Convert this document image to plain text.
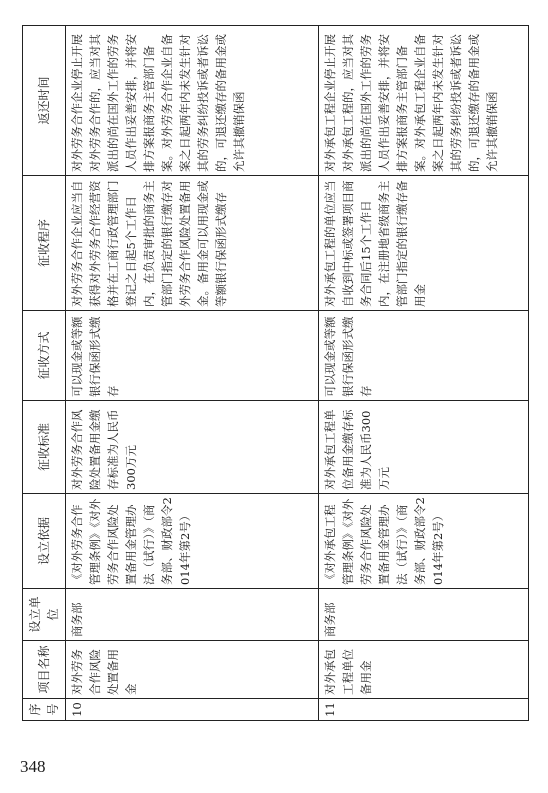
序号	项目名称	设立单位	设立依据	征收标准	征收方式	征收程序	返还时间
10	对外劳务合作风险处置备用金	商务部	《对外劳务合作管理条例》《对外劳务合作风险处置备用金管理办法（试行）》（商务部、财政部令2014年第2号）	对外劳务合作风险处置备用金缴存标准为人民币300万元	可以现金或等额银行保函形式缴存	对外劳务合作企业应当自获得对外劳务合作经营资格并在工商行政管理部门登记之日起5个工作日内，在负责审批的商务主管部门指定的银行缴存对外劳务合作风险处置备用金。备用金可以用现金或等额银行保函形式缴存	对外劳务合作企业停止开展对外劳务合作的，应当对其派出的尚在国外工作的劳务人员作出妥善安排，并将安排方案报商务主管部门备案。对外劳务合作企业自备案之日起两年内未发生针对其的劳务纠纷投诉或者诉讼的，可退还缴存的备用金或允许其撤销保函
11	对外承包工程单位备用金	商务部	《对外承包工程管理条例》《对外劳务合作风险处置备用金管理办法（试行）》（商务部、财政部令2014年第2号）	对外承包工程单位备用金缴存标准为人民币300万元	可以现金或等额银行保函形式缴存	对外承包工程的单位应当自收到中标或签署项目商务合同后15个工作日内，在注册地省级商务主管部门指定的银行缴存备用金	对外承包工程企业停止开展对外承包工程的，应当对其派出的尚在国外工作的劳务人员作出妥善安排，并将安排方案报商务主管部门备案。对外承包工程企业自备案之日起两年内未发生针对其的劳务纠纷投诉或者诉讼的，可退还缴存的备用金或允许其撤销保函
348
